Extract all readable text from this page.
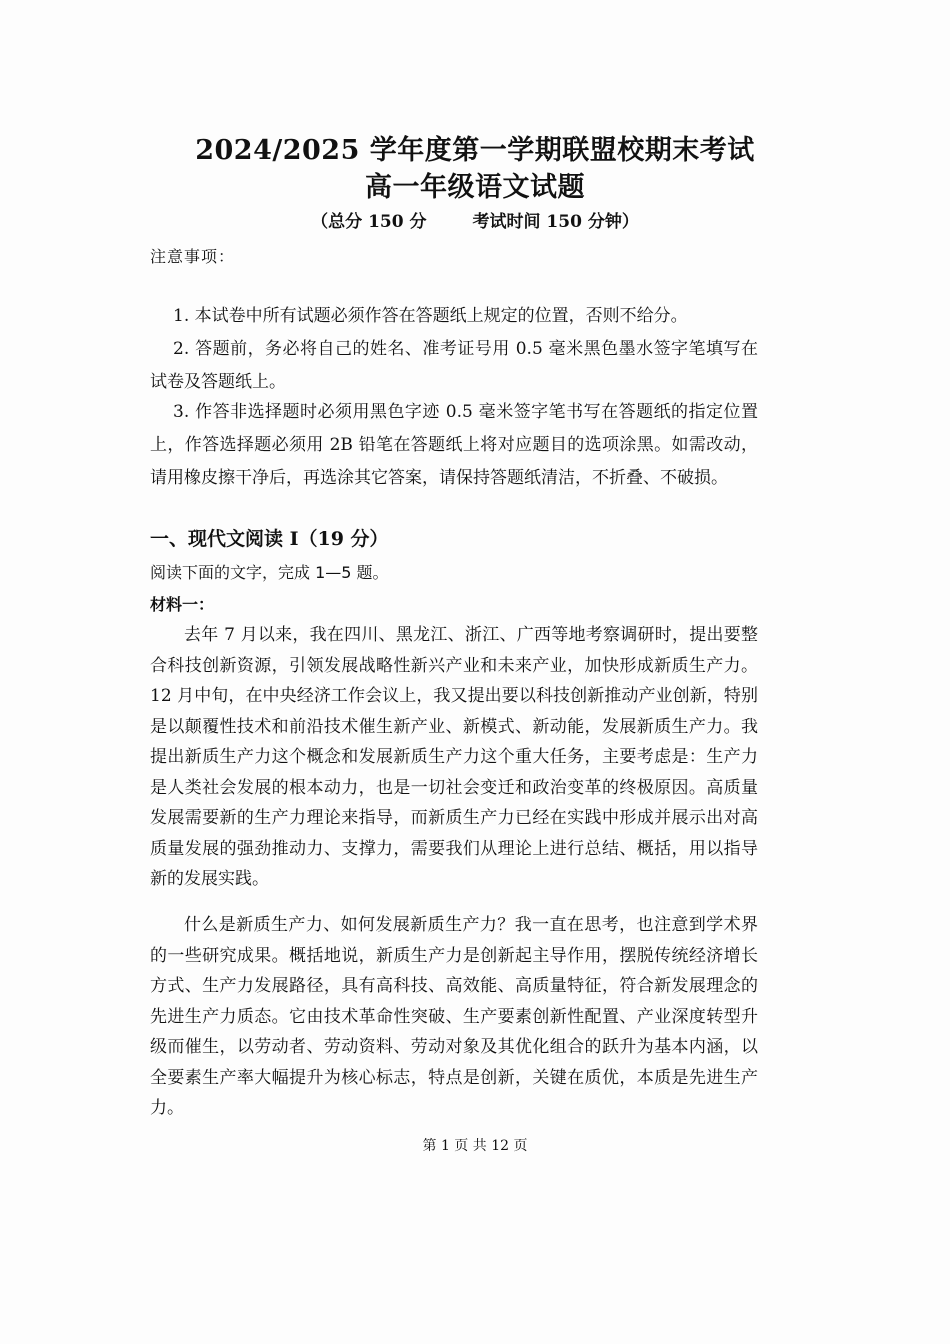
2024/2025 学年度第一学期联盟校期末考试
高一年级语文试题
（总分 150 分	考试时间 150 分钟）
注意事项：
1. 本试卷中所有试题必须作答在答题纸上规定的位置，否则不给分。
2. 答题前，务必将自己的姓名、准考证号用 0.5 毫米黑色墨水签字笔填写在试卷及答题纸上。
3. 作答非选择题时必须用黑色字迹 0.5 毫米签字笔书写在答题纸的指定位置上，作答选择题必须用 2B 铅笔在答题纸上将对应题目的选项涂黑。如需改动，请用橡皮擦干净后，再选涂其它答案，请保持答题纸清洁，不折叠、不破损。
一、现代文阅读 I（19 分）
阅读下面的文字，完成 1—5 题。
材料一：
去年 7 月以来，我在四川、黑龙江、浙江、广西等地考察调研时，提出要整合科技创新资源，引领发展战略性新兴产业和未来产业，加快形成新质生产力。12 月中旬，在中央经济工作会议上，我又提出要以科技创新推动产业创新，特别是以颠覆性技术和前沿技术催生新产业、新模式、新动能，发展新质生产力。我提出新质生产力这个概念和发展新质生产力这个重大任务，主要考虑是：生产力是人类社会发展的根本动力，也是一切社会变迁和政治变革的终极原因。高质量发展需要新的生产力理论来指导，而新质生产力已经在实践中形成并展示出对高质量发展的强劲推动力、支撑力，需要我们从理论上进行总结、概括，用以指导新的发展实践。
什么是新质生产力、如何发展新质生产力？我一直在思考，也注意到学术界的一些研究成果。概括地说，新质生产力是创新起主导作用，摆脱传统经济增长方式、生产力发展路径，具有高科技、高效能、高质量特征，符合新发展理念的先进生产力质态。它由技术革命性突破、生产要素创新性配置、产业深度转型升级而催生，以劳动者、劳动资料、劳动对象及其优化组合的跃升为基本内涵，以全要素生产率大幅提升为核心标志，特点是创新，关键在质优，本质是先进生产力。
第 1 页 共 12 页
